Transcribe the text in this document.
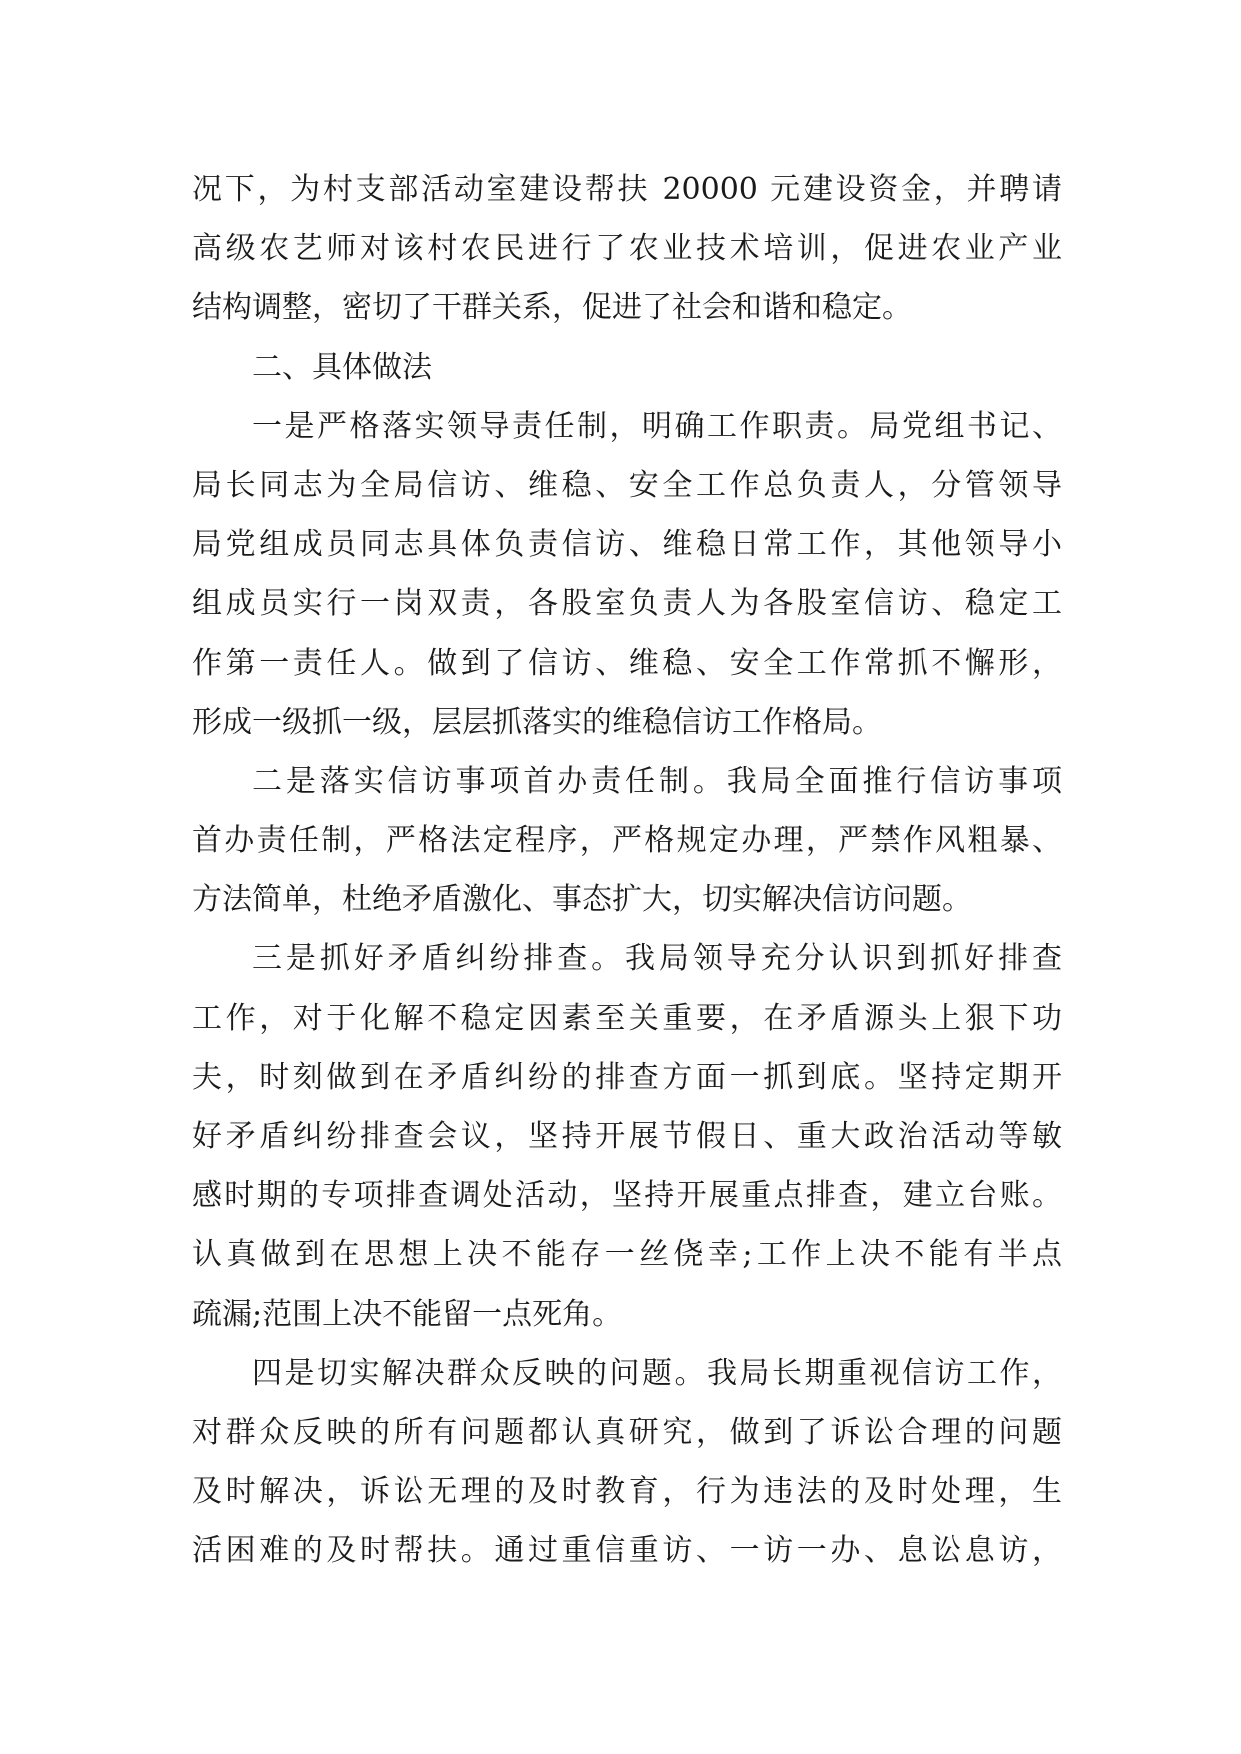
况下，为村支部活动室建设帮扶 20000 元建设资金，并聘请
高级农艺师对该村农民进行了农业技术培训，促进农业产业
结构调整，密切了干群关系，促进了社会和谐和稳定。
二、具体做法
一是严格落实领导责任制，明确工作职责。局党组书记、
局长同志为全局信访、维稳、安全工作总负责人，分管领导
局党组成员同志具体负责信访、维稳日常工作，其他领导小
组成员实行一岗双责，各股室负责人为各股室信访、稳定工
作第一责任人。做到了信访、维稳、安全工作常抓不懈形，
形成一级抓一级，层层抓落实的维稳信访工作格局。
二是落实信访事项首办责任制。我局全面推行信访事项
首办责任制，严格法定程序，严格规定办理，严禁作风粗暴、
方法简单，杜绝矛盾激化、事态扩大，切实解决信访问题。
三是抓好矛盾纠纷排查。我局领导充分认识到抓好排查
工作，对于化解不稳定因素至关重要，在矛盾源头上狠下功
夫，时刻做到在矛盾纠纷的排查方面一抓到底。坚持定期开
好矛盾纠纷排查会议，坚持开展节假日、重大政治活动等敏
感时期的专项排查调处活动，坚持开展重点排查，建立台账。
认真做到在思想上决不能存一丝侥幸;工作上决不能有半点
疏漏;范围上决不能留一点死角。
四是切实解决群众反映的问题。我局长期重视信访工作，
对群众反映的所有问题都认真研究，做到了诉讼合理的问题
及时解决，诉讼无理的及时教育，行为违法的及时处理，生
活困难的及时帮扶。通过重信重访、一访一办、息讼息访，
